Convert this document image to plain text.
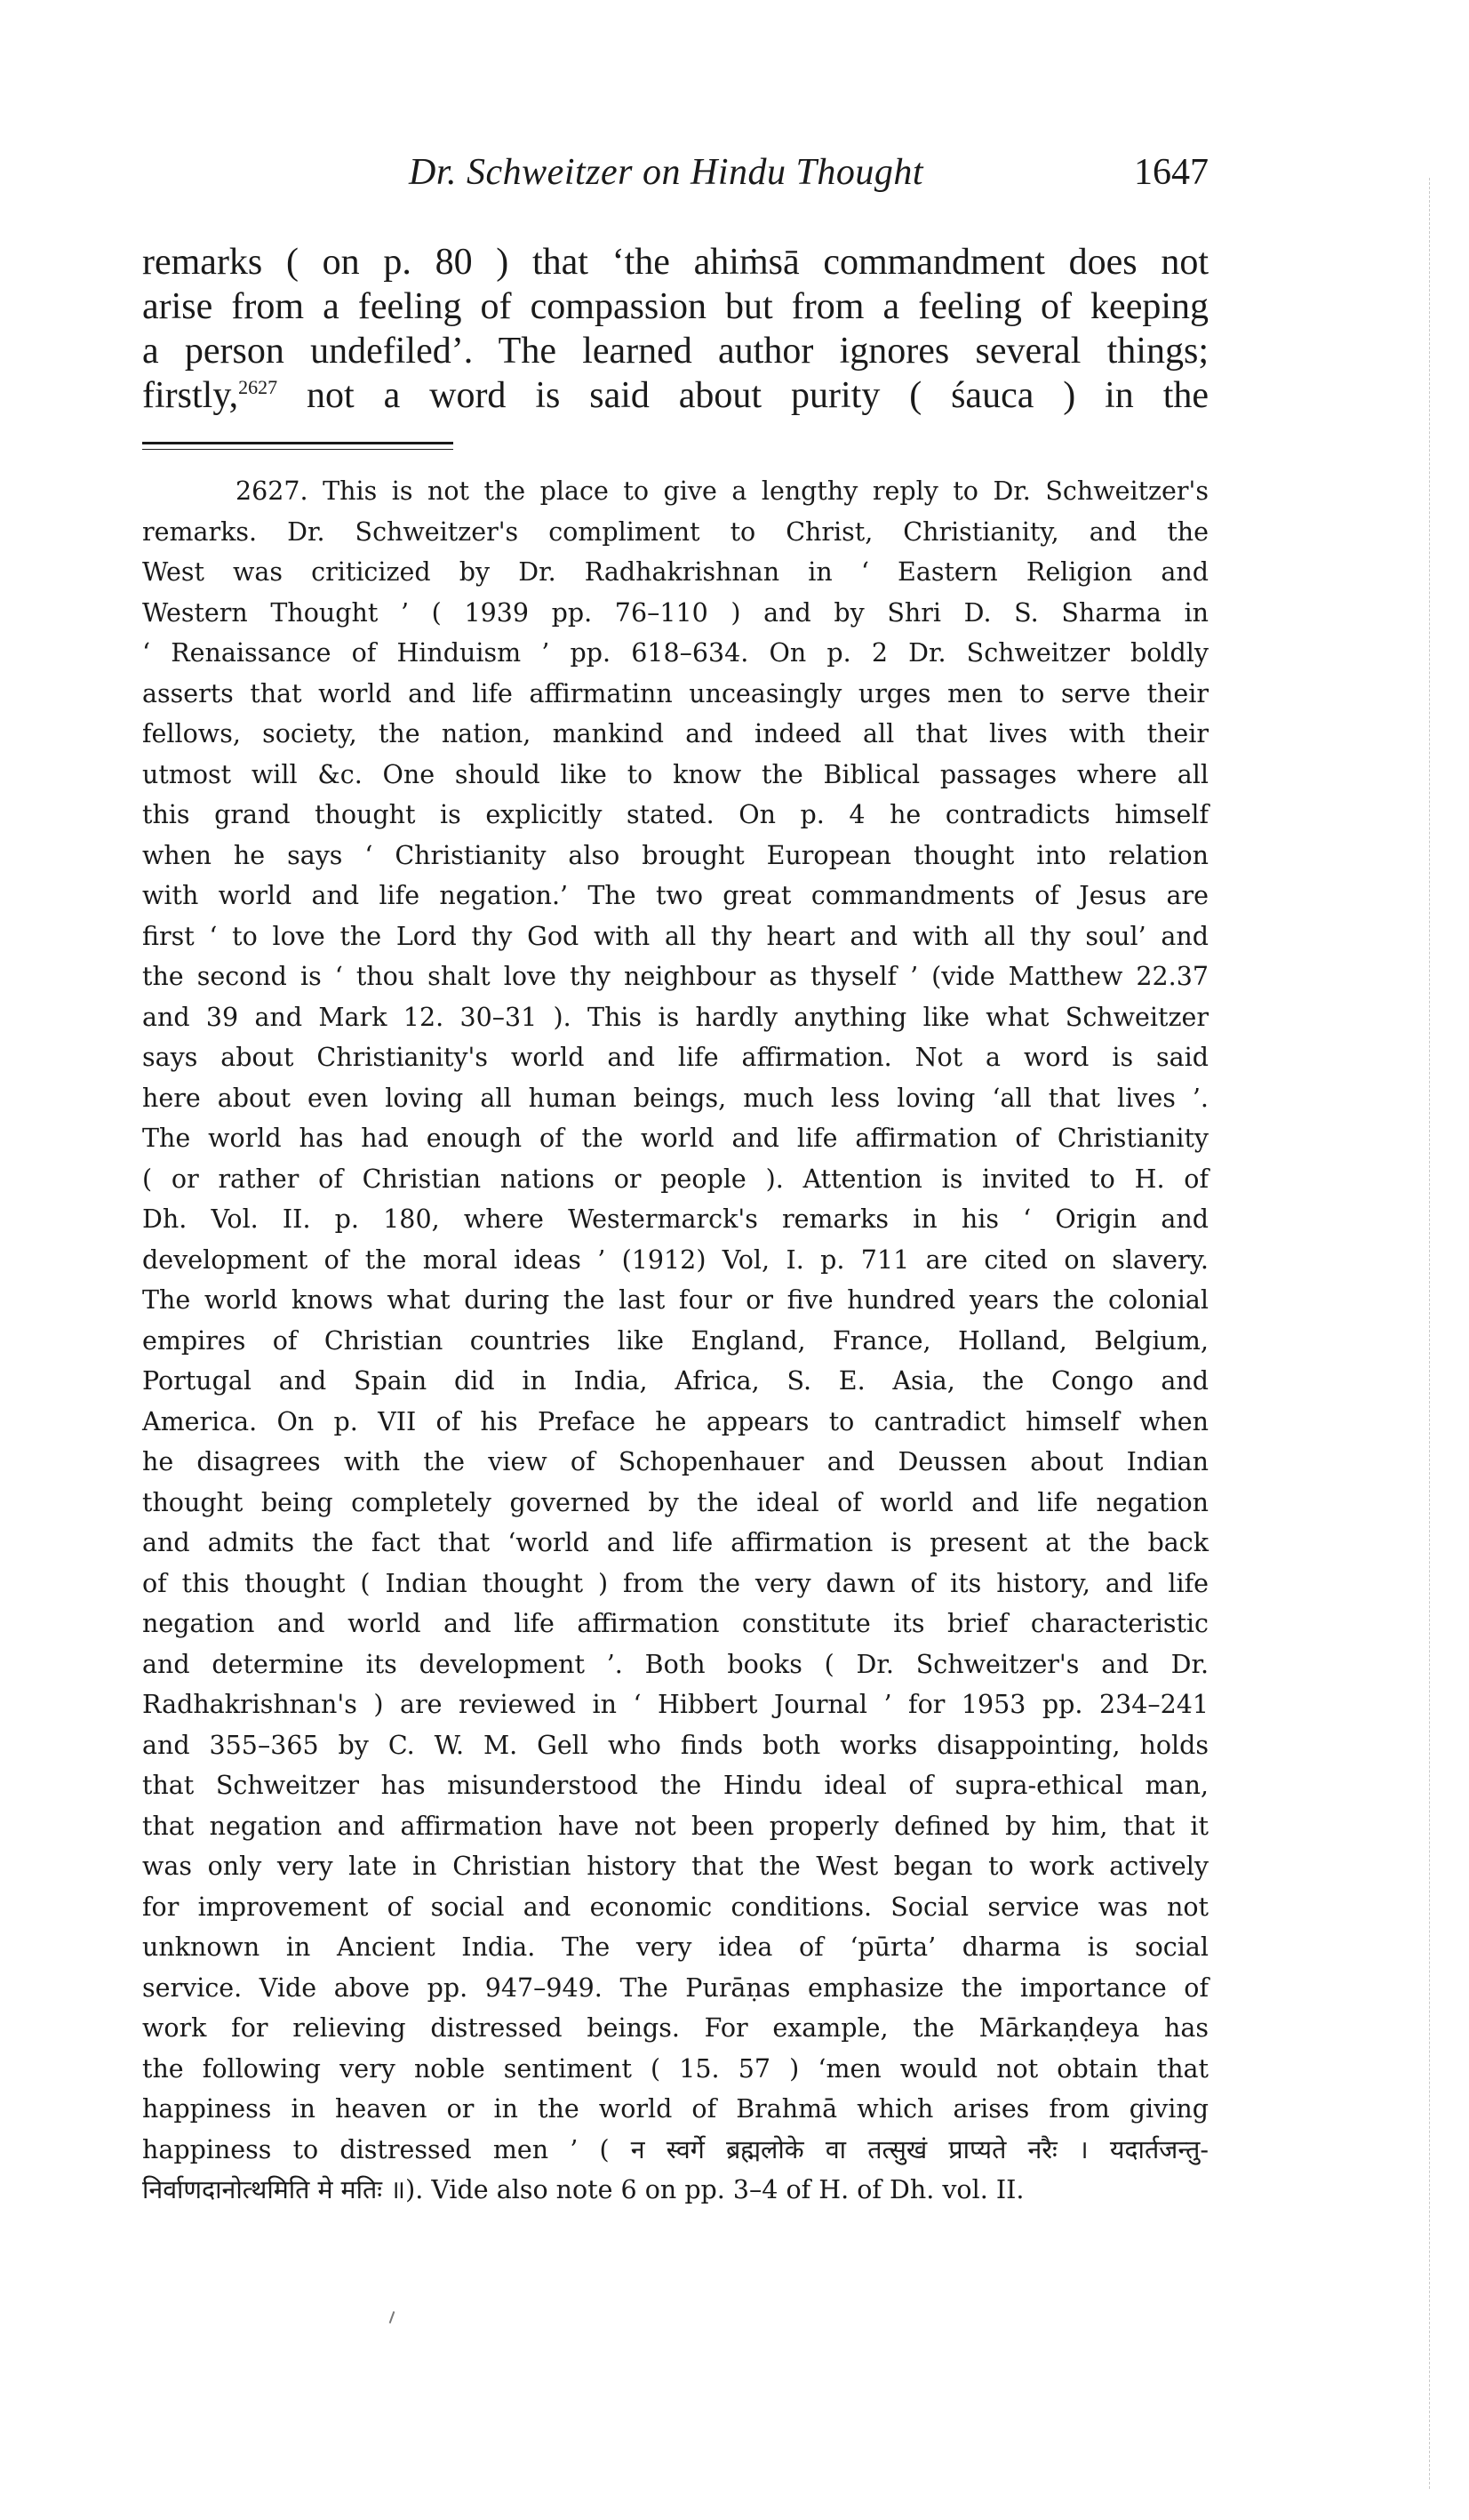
Dr. Schweitzer on Hindu Thought	1647
remarks ( on p. 80 ) that ‘the ahiṁsā commandment does not
arise from a feeling of compassion but from a feeling of keeping
a person undefiled’. The learned author ignores several things;
firstly,$^{2627}$ not a word is said about purity ( śauca ) in the
2627. This is not the place to give a lengthy reply to Dr. Schweitzer's
remarks. Dr. Schweitzer's compliment to Christ, Christianity, and the
West was criticized by Dr. Radhakrishnan in ‘ Eastern Religion and
Western Thought ’ ( 1939 pp. 76–110 ) and by Shri D. S. Sharma in
‘ Renaissance of Hinduism ’ pp. 618–634. On p. 2 Dr. Schweitzer boldly
asserts that world and life affirmatinn unceasingly urges men to serve their
fellows, society, the nation, mankind and indeed all that lives with their
utmost will &c. One should like to know the Biblical passages where all
this grand thought is explicitly stated. On p. 4 he contradicts himself
when he says ‘ Christianity also brought European thought into relation
with world and life negation.’ The two great commandments of Jesus are
first ‘ to love the Lord thy God with all thy heart and with all thy soul’ and
the second is ‘ thou shalt love thy neighbour as thyself ’ (vide Matthew 22.37
and 39 and Mark 12. 30–31 ). This is hardly anything like what Schweitzer
says about Christianity's world and life affirmation. Not a word is said
here about even loving all human beings, much less loving ‘all that lives ’.
The world has had enough of the world and life affirmation of Christianity
( or rather of Christian nations or people ). Attention is invited to H. of
Dh. Vol. II. p. 180, where Westermarck's remarks in his ‘ Origin and
development of the moral ideas ’ (1912) Vol, I. p. 711 are cited on slavery.
The world knows what during the last four or five hundred years the colonial
empires of Christian countries like England, France, Holland, Belgium,
Portugal and Spain did in India, Africa, S. E. Asia, the Congo and
America. On p. VII of his Preface he appears to cantradict himself when
he disagrees with the view of Schopenhauer and Deussen about Indian
thought being completely governed by the ideal of world and life negation
and admits the fact that ‘world and life affirmation is present at the back
of this thought ( Indian thought ) from the very dawn of its history, and life
negation and world and life affirmation constitute its brief characteristic
and determine its development ’. Both books ( Dr. Schweitzer's and Dr.
Radhakrishnan's ) are reviewed in ‘ Hibbert Journal ’ for 1953 pp. 234–241
and 355–365 by C. W. M. Gell who finds both works disappointing, holds
that Schweitzer has misunderstood the Hindu ideal of supra-ethical man,
that negation and affirmation have not been properly defined by him, that it
was only very late in Christian history that the West began to work actively
for improvement of social and economic conditions. Social service was not
unknown in Ancient India. The very idea of ‘pūrta’ dharma is social
service. Vide above pp. 947–949. The Purāṇas emphasize the importance of
work for relieving distressed beings. For example, the Mārkaṇḍeya has
the following very noble sentiment ( 15. 57 ) ‘men would not obtain that
happiness in heaven or in the world of Brahmā which arises from giving
happiness to distressed men ’ ( न स्वर्गे ब्रह्मलोके वा तत्सुखं प्राप्यते नरैः । यदार्तजन्तु-
निर्वाणदानोत्थमिति मे मतिः ॥). Vide also note 6 on pp. 3–4 of H. of Dh. vol. II.
